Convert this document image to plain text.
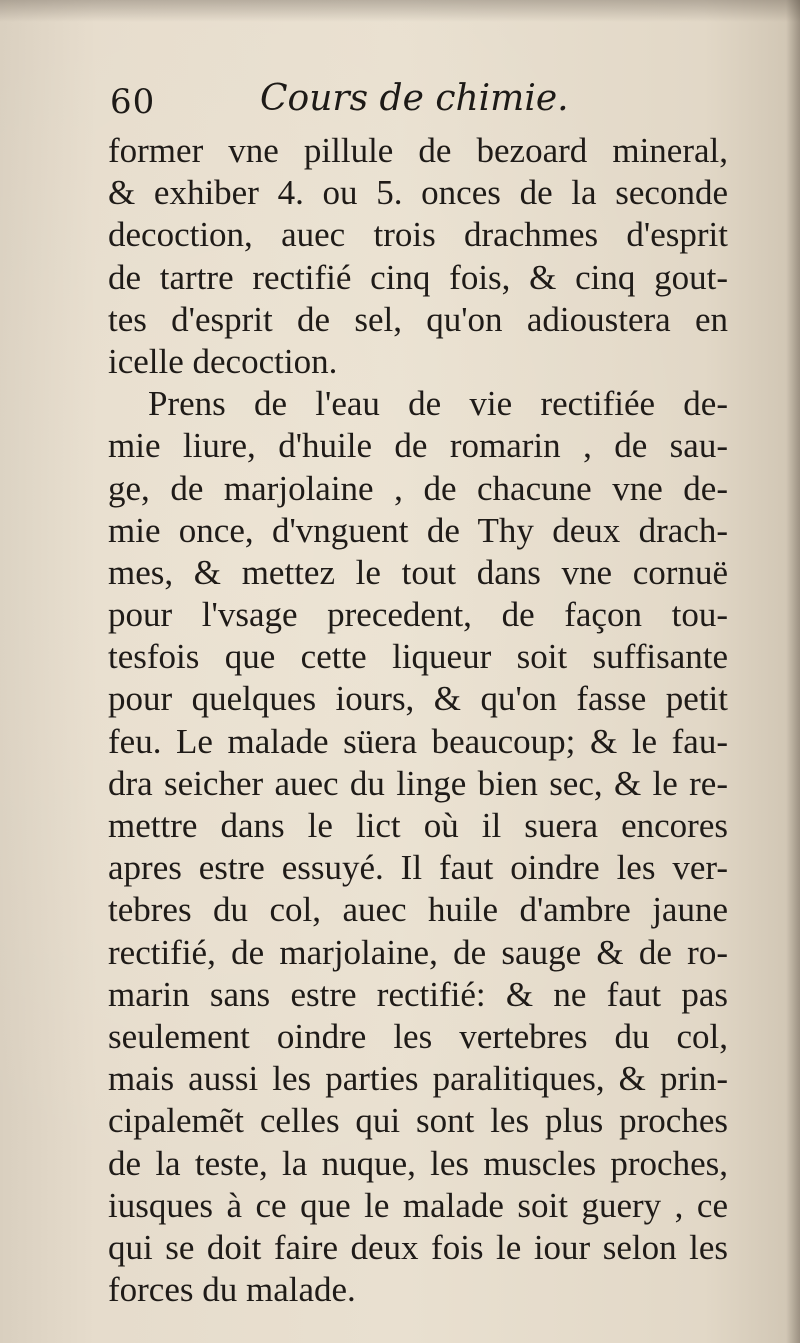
60	Cours de chimie.
former vne pillule de bezoard mineral,
& exhiber 4. ou 5. onces de la seconde
decoction, auec trois drachmes d'esprit
de tartre rectifié cinq fois, & cinq gout-
tes d'esprit de sel, qu'on adioustera en
icelle decoction.
Prens de l'eau de vie rectifiée de-
mie liure, d'huile de romarin , de sau-
ge, de marjolaine , de chacune vne de-
mie once, d'vnguent de Thy deux drach-
mes, & mettez le tout dans vne cornuë
pour l'vsage precedent, de façon tou-
tesfois que cette liqueur soit suffisante
pour quelques iours, & qu'on fasse petit
feu. Le malade süera beaucoup; & le fau-
dra seicher auec du linge bien sec, & le re-
mettre dans le lict où il suera encores
apres estre essuyé. Il faut oindre les ver-
tebres du col, auec huile d'ambre jaune
rectifié, de marjolaine, de sauge & de ro-
marin sans estre rectifié: & ne faut pas
seulement oindre les vertebres du col,
mais aussi les parties paralitiques, & prin-
cipalemẽt celles qui sont les plus proches
de la teste, la nuque, les muscles proches,
iusques à ce que le malade soit guery , ce
qui se doit faire deux fois le iour selon les
forces du malade.
